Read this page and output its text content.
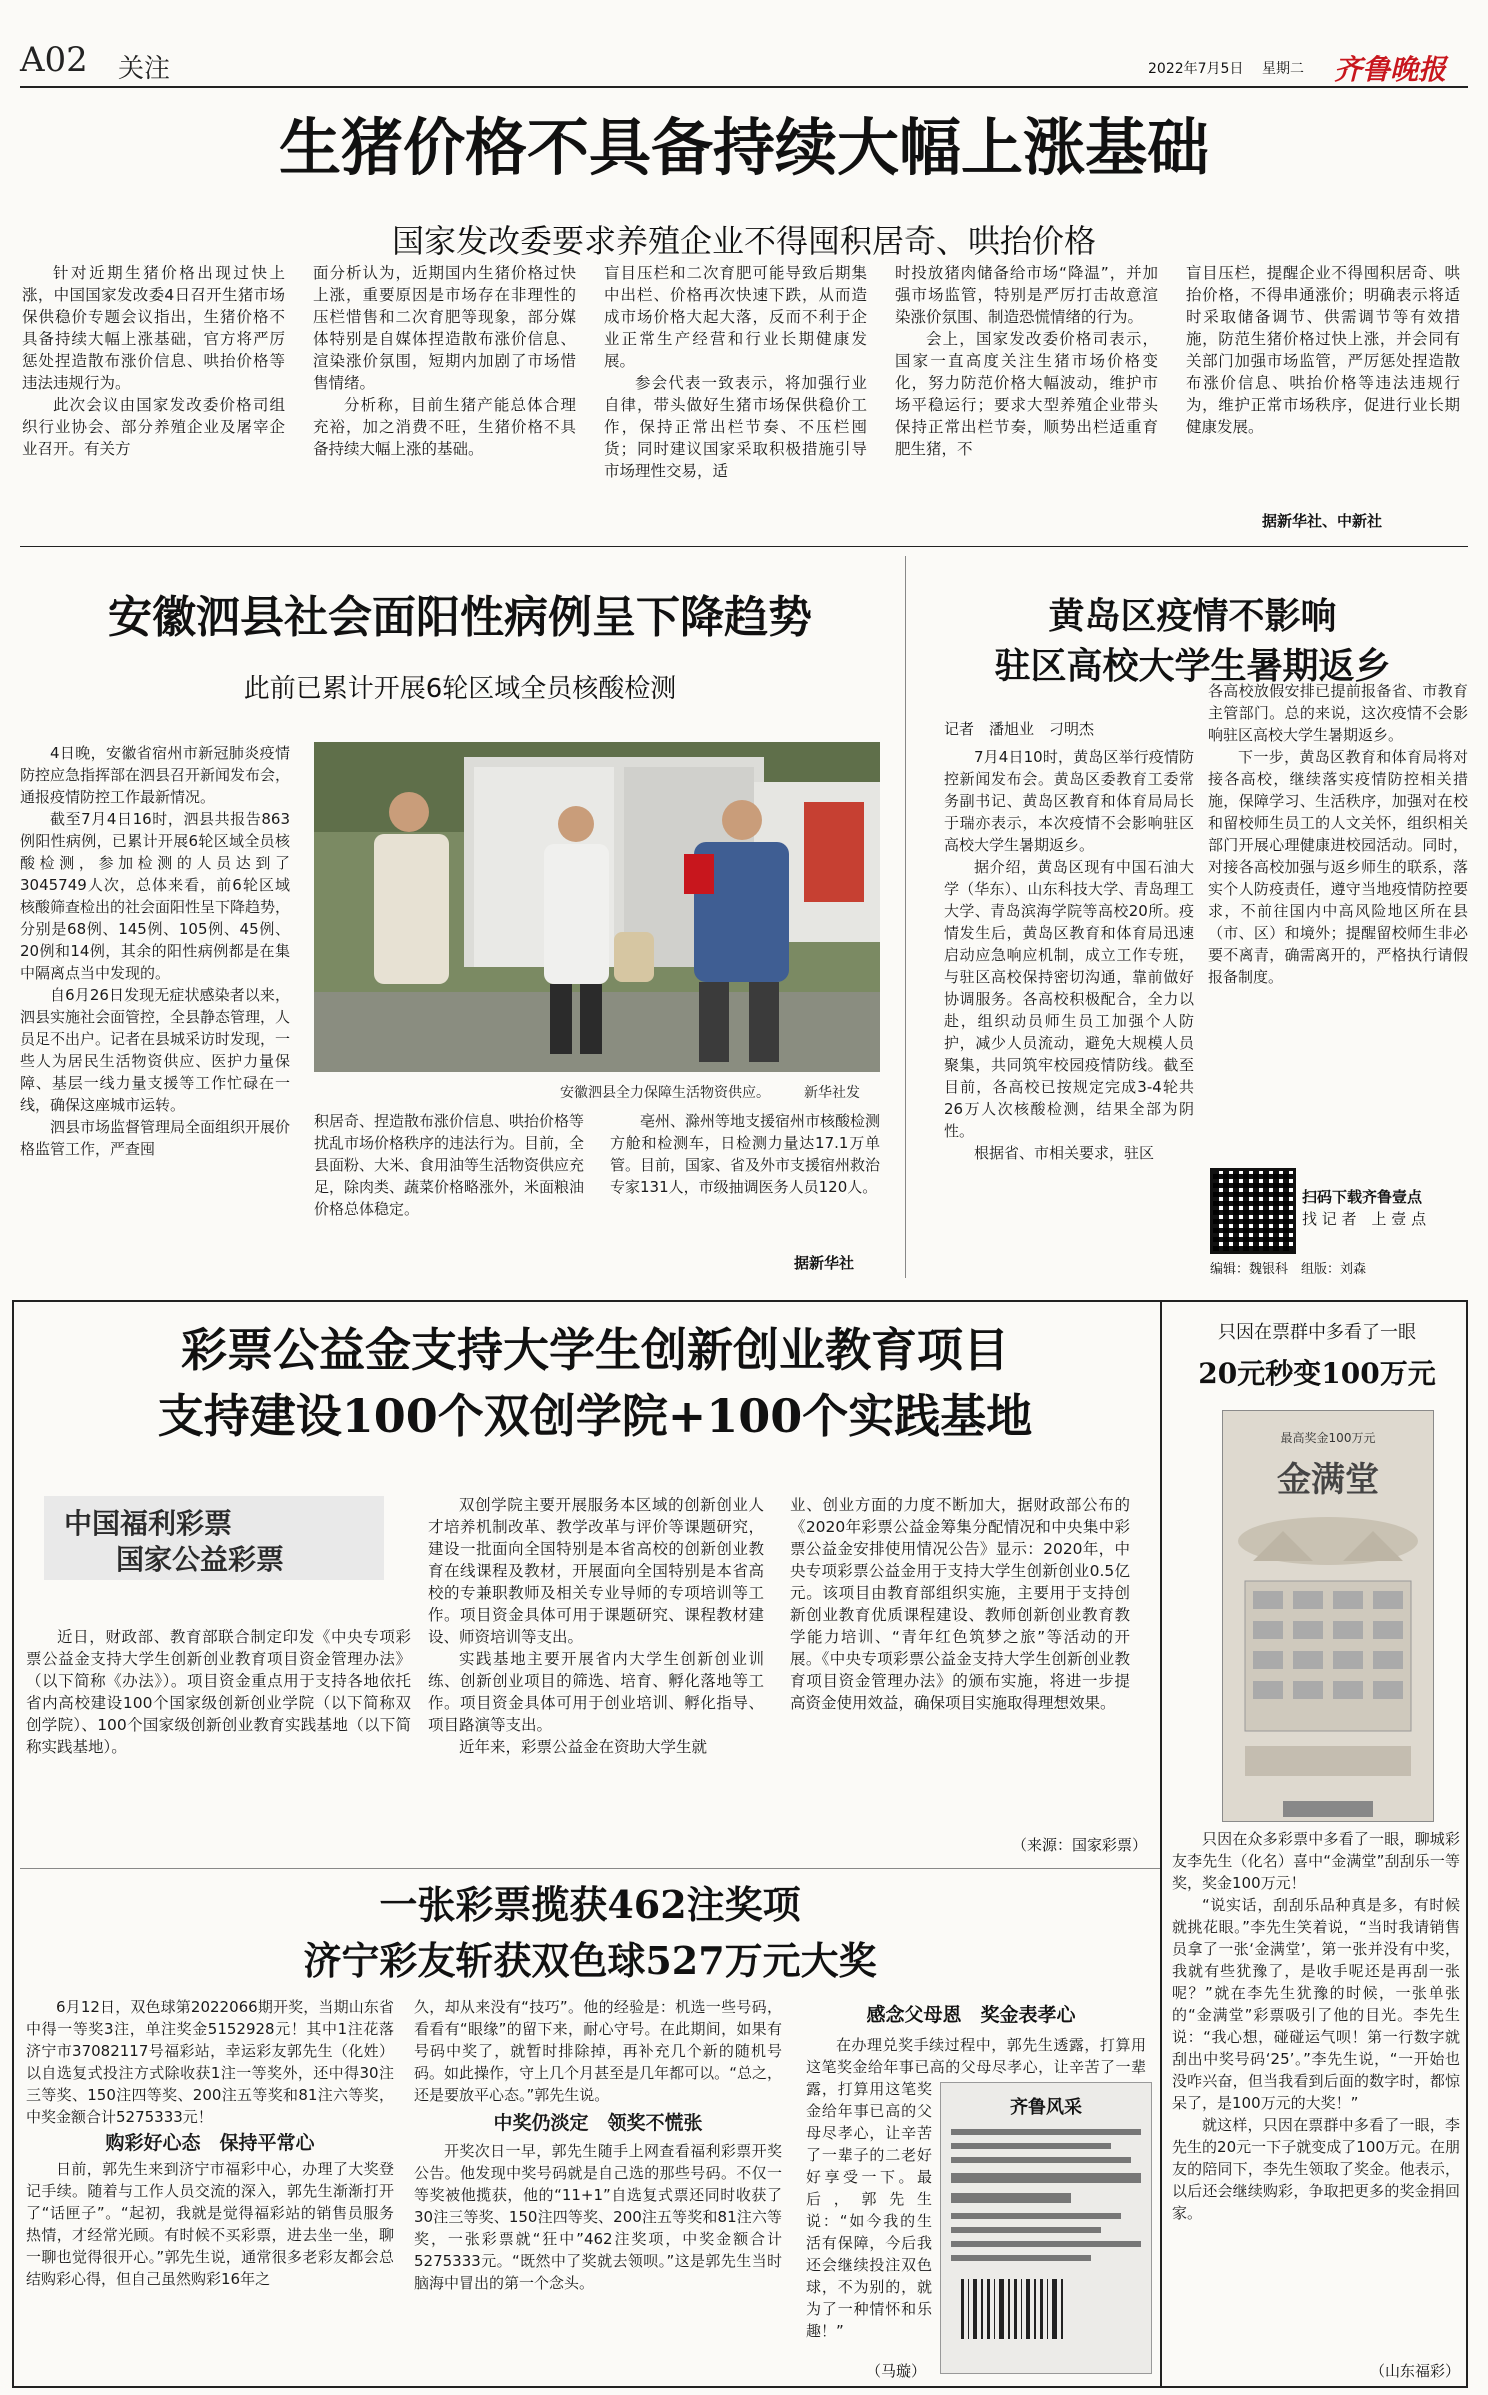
A02 关注	2022年7月5日 星期二 齐鲁晚报
生猪价格不具备持续大幅上涨基础
国家发改委要求养殖企业不得囤积居奇、哄抬价格

针对近期生猪价格出现过快上涨，中国国家发改委4日召开生猪市场保供稳价专题会议指出，生猪价格不具备持续大幅上涨基础，官方将严厉惩处捏造散布涨价信息、哄抬价格等违法违规行为。

此次会议由国家发改委价格司组织行业协会、部分养殖企业及屠宰企业召开。有关方

面分析认为，近期国内生猪价格过快上涨，重要原因是市场存在非理性的压栏惜售和二次育肥等现象，部分媒体特别是自媒体捏造散布涨价信息、渲染涨价氛围，短期内加剧了市场惜售情绪。

分析称，目前生猪产能总体合理充裕，加之消费不旺，生猪价格不具备持续大幅上涨的基础。

盲目压栏和二次育肥可能导致后期集中出栏、价格再次快速下跌，从而造成市场价格大起大落，反而不利于企业正常生产经营和行业长期健康发展。

参会代表一致表示，将加强行业自律，带头做好生猪市场保供稳价工作，保持正常出栏节奏、不压栏囤货；同时建议国家采取积极措施引导市场理性交易，适

时投放猪肉储备给市场“降温”，并加强市场监管，特别是严厉打击故意渲染涨价氛围、制造恐慌情绪的行为。

会上，国家发改委价格司表示，国家一直高度关注生猪市场价格变化，努力防范价格大幅波动，维护市场平稳运行；要求大型养殖企业带头保持正常出栏节奏，顺势出栏适重育肥生猪，不

盲目压栏，提醒企业不得囤积居奇、哄抬价格，不得串通涨价；明确表示将适时采取储备调节、供需调节等有效措施，防范生猪价格过快上涨，并会同有关部门加强市场监管，严厉惩处捏造散布涨价信息、哄抬价格等违法违规行为，维护正常市场秩序，促进行业长期健康发展。

据新华社、中新社
安徽泗县社会面阳性病例呈下降趋势
此前已累计开展6轮区域全员核酸检测

4日晚，安徽省宿州市新冠肺炎疫情防控应急指挥部在泗县召开新闻发布会，通报疫情防控工作最新情况。

截至7月4日16时，泗县共报告863例阳性病例，已累计开展6轮区域全员核酸检测，参加检测的人员达到了3045749人次，总体来看，前6轮区域核酸筛查检出的社会面阳性呈下降趋势，分别是68例、145例、105例、45例、20例和14例，其余的阳性病例都是在集中隔离点当中发现的。

自6月26日发现无症状感染者以来，泗县实施社会面管控，全县静态管理，人员足不出户。记者在县城采访时发现，一些人为居民生活物资供应、医护力量保障、基层一线力量支援等工作忙碌在一线，确保这座城市运转。

泗县市场监督管理局全面组织开展价格监管工作，严查囤

安徽泗县全力保障生活物资供应。 新华社发

积居奇、捏造散布涨价信息、哄抬价格等扰乱市场价格秩序的违法行为。目前，全县面粉、大米、食用油等生活物资供应充足，除肉类、蔬菜价格略涨外，米面粮油价格总体稳定。

亳州、滁州等地支援宿州市核酸检测方舱和检测车，日检测力量达17.1万单管。目前，国家、省及外市支援宿州救治专家131人，市级抽调医务人员120人。

据新华社
黄岛区疫情不影响
驻区高校大学生暑期返乡
记者　潘旭业　刁明杰

7月4日10时，黄岛区举行疫情防控新闻发布会。黄岛区委教育工委常务副书记、黄岛区教育和体育局局长于瑞亦表示，本次疫情不会影响驻区高校大学生暑期返乡。

据介绍，黄岛区现有中国石油大学（华东）、山东科技大学、青岛理工大学、青岛滨海学院等高校20所。疫情发生后，黄岛区教育和体育局迅速启动应急响应机制，成立工作专班，与驻区高校保持密切沟通，靠前做好协调服务。各高校积极配合，全力以赴，组织动员师生员工加强个人防护，减少人员流动，避免大规模人员聚集，共同筑牢校园疫情防线。截至目前，各高校已按规定完成3-4轮共26万人次核酸检测，结果全部为阴性。

根据省、市相关要求，驻区

各高校放假安排已提前报备省、市教育主管部门。总的来说，这次疫情不会影响驻区高校大学生暑期返乡。

下一步，黄岛区教育和体育局将对接各高校，继续落实疫情防控相关措施，保障学习、生活秩序，加强对在校和留校师生员工的人文关怀，组织相关部门开展心理健康进校园活动。同时，对接各高校加强与返乡师生的联系，落实个人防疫责任，遵守当地疫情防控要求，不前往国内中高风险地区所在县（市、区）和境外；提醒留校师生非必要不离青，确需离开的，严格执行请假报备制度。

扫码下载齐鲁壹点
找 记 者　上 壹 点
编辑：魏银科　组版：刘森
彩票公益金支持大学生创新创业教育项目
支持建设100个双创学院+100个实践基地
中国福利彩票
国家公益彩票

近日，财政部、教育部联合制定印发《中央专项彩票公益金支持大学生创新创业教育项目资金管理办法》（以下简称《办法》）。项目资金重点用于支持各地依托省内高校建设100个国家级创新创业学院（以下简称双创学院）、100个国家级创新创业教育实践基地（以下简称实践基地）。

双创学院主要开展服务本区域的创新创业人才培养机制改革、教学改革与评价等课题研究，建设一批面向全国特别是本省高校的创新创业教育在线课程及教材，开展面向全国特别是本省高校的专兼职教师及相关专业导师的专项培训等工作。项目资金具体可用于课题研究、课程教材建设、师资培训等支出。

实践基地主要开展省内大学生创新创业训练、创新创业项目的筛选、培育、孵化落地等工作。项目资金具体可用于创业培训、孵化指导、项目路演等支出。

近年来，彩票公益金在资助大学生就

业、创业方面的力度不断加大，据财政部公布的《2020年彩票公益金筹集分配情况和中央集中彩票公益金安排使用情况公告》显示：2020年，中央专项彩票公益金用于支持大学生创新创业0.5亿元。该项目由教育部组织实施，主要用于支持创新创业教育优质课程建设、教师创新创业教育教学能力培训、“青年红色筑梦之旅”等活动的开展。《中央专项彩票公益金支持大学生创新创业教育项目资金管理办法》的颁布实施，将进一步提高资金使用效益，确保项目实施取得理想效果。

（来源：国家彩票）
一张彩票揽获462注奖项
济宁彩友斩获双色球527万元大奖

6月12日，双色球第2022066期开奖，当期山东省中得一等奖3注，单注奖金5152928元！其中1注花落济宁市37082117号福彩站，幸运彩友郭先生（化姓）以自选复式投注方式除收获1注一等奖外，还中得30注三等奖、150注四等奖、200注五等奖和81注六等奖，中奖金额合计5275333元！

购彩好心态　保持平常心

日前，郭先生来到济宁市福彩中心，办理了大奖登记手续。随着与工作人员交流的深入，郭先生渐渐打开了“话匣子”。“起初，我就是觉得福彩站的销售员服务热情，才经常光顾。有时候不买彩票，进去坐一坐，聊一聊也觉得很开心。”郭先生说，通常很多老彩友都会总结购彩心得，但自己虽然购彩16年之

久，却从来没有“技巧”。他的经验是：机选一些号码，看看有“眼缘”的留下来，耐心守号。在此期间，如果有号码中奖了，就暂时排除掉，再补充几个新的随机号码。如此操作，守上几个月甚至是几年都可以。“总之，还是要放平心态。”郭先生说。

中奖仍淡定　领奖不慌张

开奖次日一早，郭先生随手上网查看福利彩票开奖公告。他发现中奖号码就是自己选的那些号码。不仅一等奖被他揽获，他的“11+1”自选复式票还同时收获了30注三等奖、150注四等奖、200注五等奖和81注六等奖，一张彩票就“狂中”462注奖项，中奖金额合计5275333元。“既然中了奖就去领呗。”这是郭先生当时脑海中冒出的第一个念头。

感念父母恩　奖金表孝心

在办理兑奖手续过程中，郭先生透露，打算用这笔奖金给年事已高的父母尽孝心，让辛苦了一辈

露，打算用这笔奖金给年事已高的父母尽孝心，让辛苦了一辈子的二老好好享受一下。最后，郭先生说：“如今我的生活有保障，今后我还会继续投注双色球，不为别的，就为了一种情怀和乐趣！”

（马璇）
齐鲁风采
只因在票群中多看了一眼
20元秒变100万元
最高奖金100万元
金满堂

只因在众多彩票中多看了一眼，聊城彩友李先生（化名）喜中“金满堂”刮刮乐一等奖，奖金100万元！

“说实话，刮刮乐品种真是多，有时候就挑花眼。”李先生笑着说，“当时我请销售员拿了一张‘金满堂’，第一张并没有中奖，我就有些犹豫了，是收手呢还是再刮一张呢？”就在李先生犹豫的时候，一张单张的“金满堂”彩票吸引了他的目光。李先生说：“我心想，碰碰运气呗！第一行数字就刮出中奖号码‘25’。”李先生说，“一开始也没咋兴奋，但当我看到后面的数字时，都惊呆了，是100万元的大奖！”

就这样，只因在票群中多看了一眼，李先生的20元一下子就变成了100万元。在朋友的陪同下，李先生领取了奖金。他表示，以后还会继续购彩，争取把更多的奖金捐回家。

（山东福彩）
